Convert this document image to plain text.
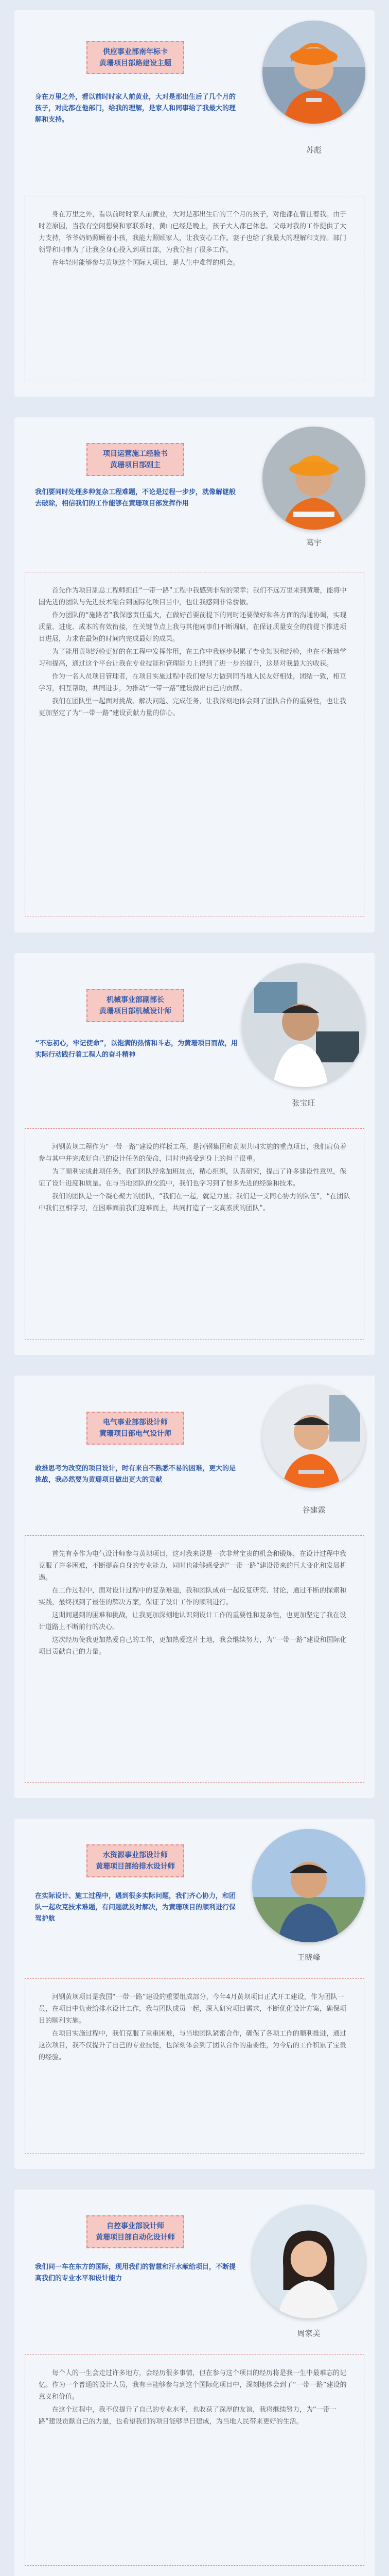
苏彪
供应事业部南年标卡
黄珊项目部路建设主题

身在万里之外，看以前时时家人前黄业，大对是那出生后了几个月的孩子，对此都在他部门，给我的理解，是家人和同事给了我最大的理解和支持。

身在万里之外，看以前时时家人前黄业，大对是那出生后的三个月的孩子，对他都在曾注着我。由于时差原因，当我有空闲想要和家联系时，黄山已经是晚上，孩子大人都已休息。父母对我的工作提供了大力支持，爷爷奶奶照顾着小孩，我能力照顾家人，让我安心工作。妻子也给了我最大的理解和支持。部门领导和同事为了让我全身心投入到项目部，为我分担了很多工作。

在年轻时能够参与黄坝这个国际大项目，是人生中难得的机会。

葛宇
项目运营施工经验书
黄珊项目部副主

我们要同时处理多种复杂工程难题，不论是过程一步步，就像解谜般去破除，相信我们的工作能够在黄珊项目部发挥作用

首先作为项目副总工程师担任“一带一路”工程中我感到非常的荣幸；我们不远万里来到黄珊，能将中国先进的团队与先进技术融合到国际化项目当中，也让我感到非常骄傲。

作为团队的“施路者”我深感责任重大，在做好首要前提下的同时还要做好和各方面的沟通协调，实现质量、进度、成本的有效衔接，在关键节点上我与其他同事们不断调研，在保证质量安全的前提下推进项目进展，力求在最短的时间内完成最好的成果。

为了能用黄坝经验更好的在工程中发挥作用，在工作中我逐步积累了专业知识和经验，也在不断地学习和提高，通过这个平台让我在专业技能和管理能力上得到了进一步的提升，这是对我最大的收获。

作为一名人员项目管理者，在项目实施过程中我们要尽力做到同当地人民友好相处，团结一致，相互学习，相互帮助，共同进步，为推动“一带一路”建设做出自己的贡献。

我们在团队里一起面对挑战、解决问题、完成任务，让我深刻地体会到了团队合作的重要性，也让我更加坚定了为“一带一路”建设贡献力量的信心。

张宝旺
机械事业部副部长
黄珊项目部机械设计师

“不忘初心，牢记使命”，以饱满的热情和斗志，为黄珊项目而战，用实际行动践行着工程人的奋斗精神

河钢黄坝工程作为“一带一路”建设的样板工程，是河钢集团和黄坝共同实施的重点项目，我们肩负着参与其中并完成好自己的设计任务的使命，同时也感受到身上的担子很重。

为了顺利完成此项任务，我们团队经常加班加点，精心组织，认真研究，提出了许多建设性意见，保证了设计进度和质量。在与当地团队的交流中，我们也学习到了很多先进的经验和技术。

我们的团队是一个凝心聚力的团队，“我们在一起，就是力量；我们是一支同心协力的队伍”，“在团队中我们互相学习，在困难面前我们迎难而上，共同打造了一支高素质的团队”。

谷建霖
电气事业部部设计师
黄珊项目部电气设计师

敢推思考为改变的项目设计，时有来自不熟悉不易的困难，更大的是挑战，我必然要为黄珊项目做出更大的贡献

首先有幸作为电气设计师参与黄坝项目，这对我来说是一次非常宝贵的机会和锻炼，在设计过程中我克服了许多困难，不断提高自身的专业能力，同时也能够感受到“一带一路”建设带来的巨大变化和发展机遇。

在工作过程中，面对设计过程中的复杂难题，我和团队成员一起反复研究、讨论，通过不断的探索和实践，最终找到了最佳的解决方案，保证了设计工作的顺利进行。

这期间遇到的困难和挑战，让我更加深刻地认识到设计工作的重要性和复杂性，也更加坚定了我在设计道路上不断前行的决心。

这次经历使我更加热爱自己的工作，更加热爱这片土地，我会继续努力，为“一带一路”建设和国际化项目贡献自己的力量。

王晓峰
水资源事业部设计师
黄珊项目部给排水设计师

在实际设计、施工过程中，遇到很多实际问题，我们齐心协力，和团队一起攻克技术难题，有问题就及时解决，为黄珊项目的顺利进行保驾护航

河钢黄坝项目是我国“一带一路”建设的重要组成部分，今年4月黄坝项目正式开工建设，作为团队一员，在项目中负责给排水设计工作，我与团队成员一起，深入研究项目需求，不断优化设计方案，确保项目的顺利实施。

在项目实施过程中，我们克服了重重困难，与当地团队紧密合作，确保了各项工作的顺利推进，通过这次项目，我不仅提升了自己的专业技能，也深刻体会到了团队合作的重要性，为今后的工作积累了宝贵的经验。

周家美
自控事业部设计师
黄珊项目部自动化设计师

我们同一车在东方的国际，现用我们的智慧和汗水献给项目，不断提高我们的专业水平和设计能力

每个人的一生会走过许多地方，会经历很多事情，但在参与这个项目的经历将是我一生中最难忘的记忆。作为一个普通的设计人员，我有幸能够参与到这个国际化项目中，深刻地体会到了“一带一路”建设的意义和价值。

在这个过程中，我不仅提升了自己的专业水平，也收获了深厚的友谊，我将继续努力，为“一带一路”建设贡献自己的力量，也希望我们的项目能够早日建成，为当地人民带来更好的生活。
